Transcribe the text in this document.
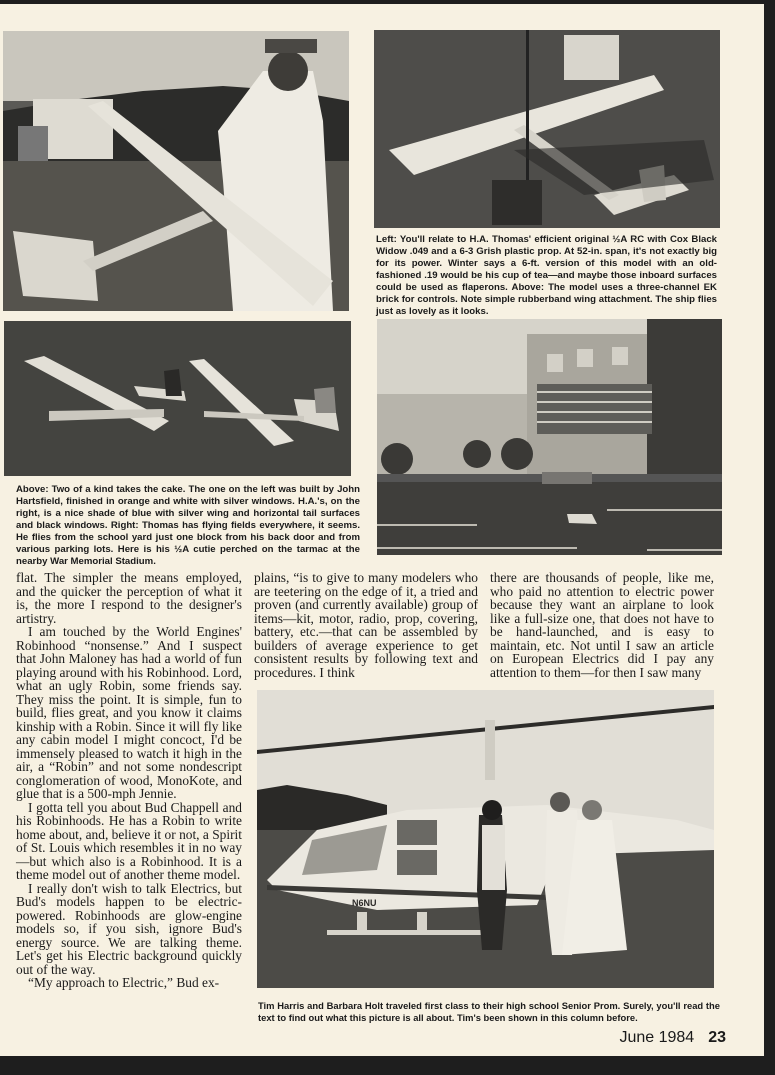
Left: You'll relate to H.A. Thomas' efficient original ½A RC with Cox Black Widow .049 and a 6-3 Grish plastic prop. At 52-in. span, it's not exactly big for its power. Winter says a 6-ft. version of this model with an old-fashioned .19 would be his cup of tea—and maybe those inboard surfaces could be used as flaperons. Above: The model uses a three-channel EK brick for controls. Note simple rubberband wing attachment. The ship flies just as lovely as it looks.

Above: Two of a kind takes the cake. The one on the left was built by John Hartsfield, finished in orange and white with silver windows. H.A.'s, on the right, is a nice shade of blue with silver wing and horizontal tail surfaces and black windows. Right: Thomas has flying fields everywhere, it seems. He flies from the school yard just one block from his back door and from various parking lots. Here is his ½A cutie perched on the tarmac at the nearby War Memorial Stadium.

flat. The simpler the means employed, and the quicker the perception of what it is, the more I respond to the designer's artistry.

I am touched by the World Engines' Robinhood “nonsense.” And I suspect that John Maloney has had a world of fun playing around with his Robinhood. Lord, what an ugly Robin, some friends say. They miss the point. It is simple, fun to build, flies great, and you know it claims kinship with a Robin. Since it will fly like any cabin model I might concoct, I'd be immensely pleased to watch it high in the air, a “Robin” and not some nondescript conglomeration of wood, MonoKote, and glue that is a 500-mph Jennie.

I gotta tell you about Bud Chappell and his Robinhoods. He has a Robin to write home about, and, believe it or not, a Spirit of St. Louis which resembles it in no way—but which also is a Robinhood. It is a theme model out of another theme model.

I really don't wish to talk Electrics, but Bud's models happen to be electric-powered. Robinhoods are glow-engine models so, if you sish, ignore Bud's energy source. We are talking theme. Let's get his Electric background quickly out of the way.

“My approach to Electric,” Bud ex-

plains, “is to give to many modelers who are teetering on the edge of it, a tried and proven (and currently available) group of items—kit, motor, radio, prop, covering, battery, etc.—that can be assembled by builders of average experience to get consistent results by following text and procedures. I think

there are thousands of people, like me, who paid no attention to electric power because they want an airplane to look like a full-size one, that does not have to be hand-launched, and is easy to maintain, etc. Not until I saw an article on European Electrics did I pay any attention to them—for then I saw many

N6NU

Tim Harris and Barbara Holt traveled first class to their high school Senior Prom. Surely, you'll read the text to find out what this picture is all about. Tim's been shown in this column before.

June 1984 23
